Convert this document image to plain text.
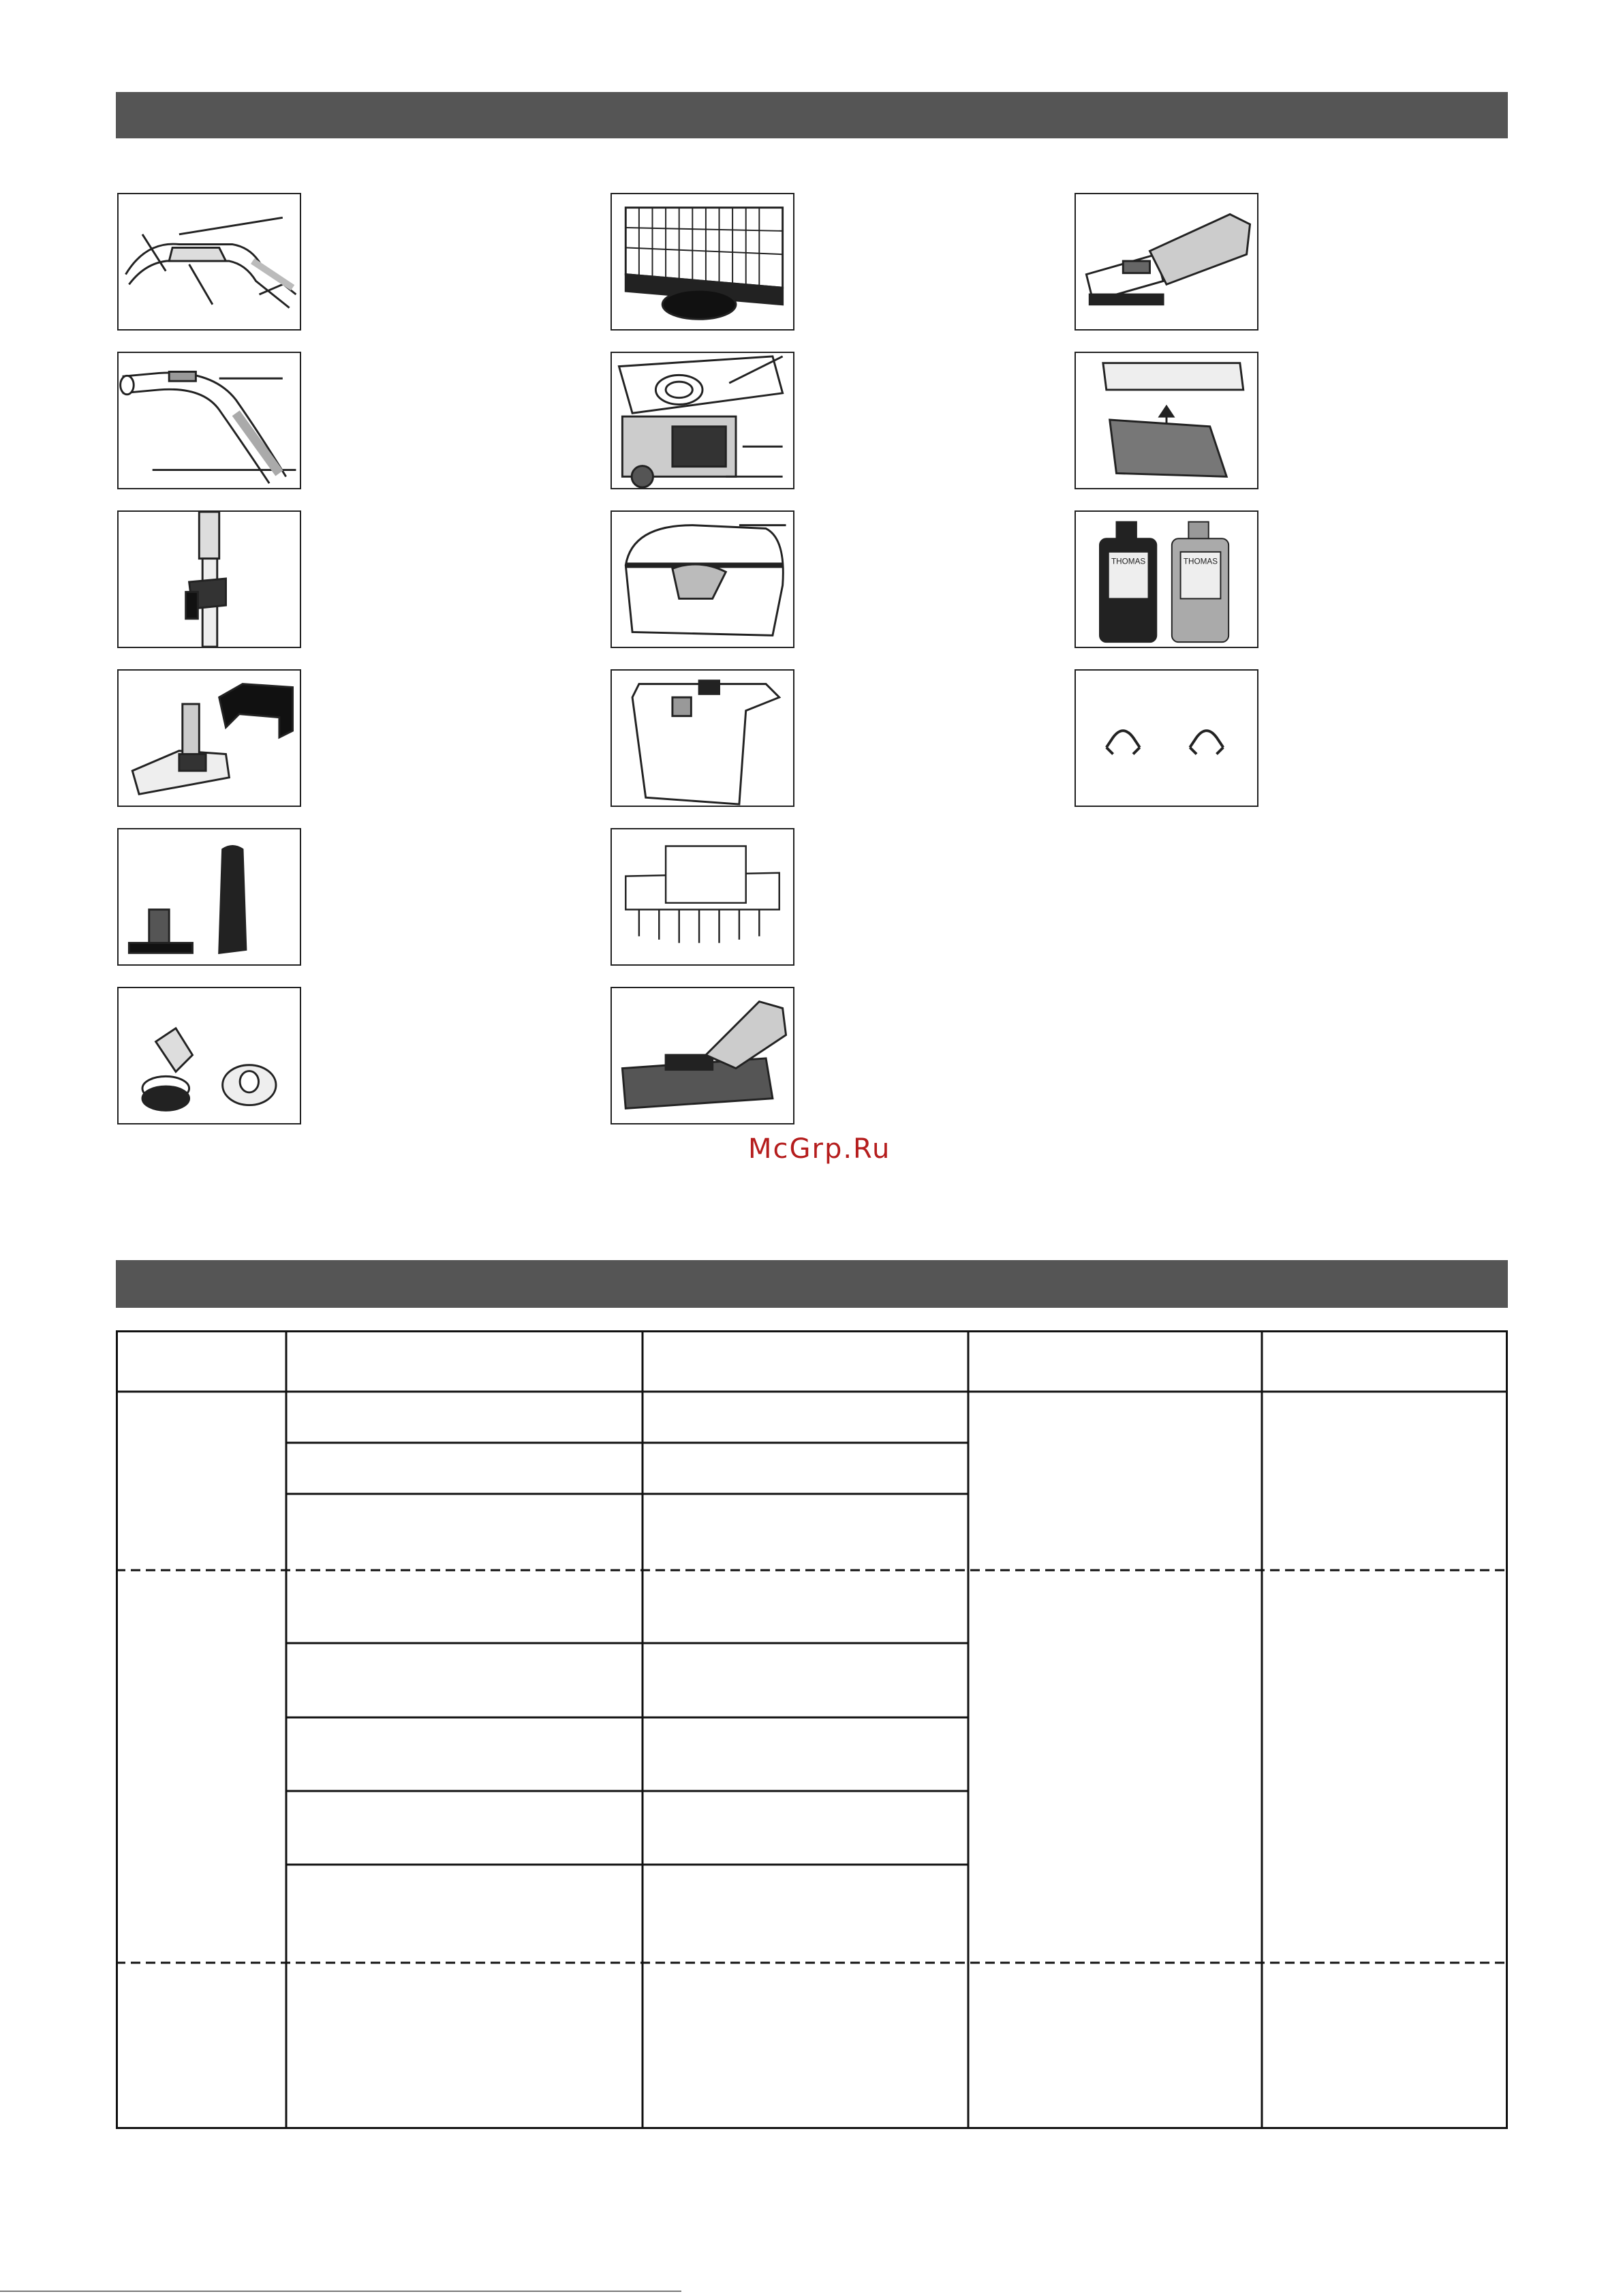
THOMAS	THOMAS
McGrp.Ru
